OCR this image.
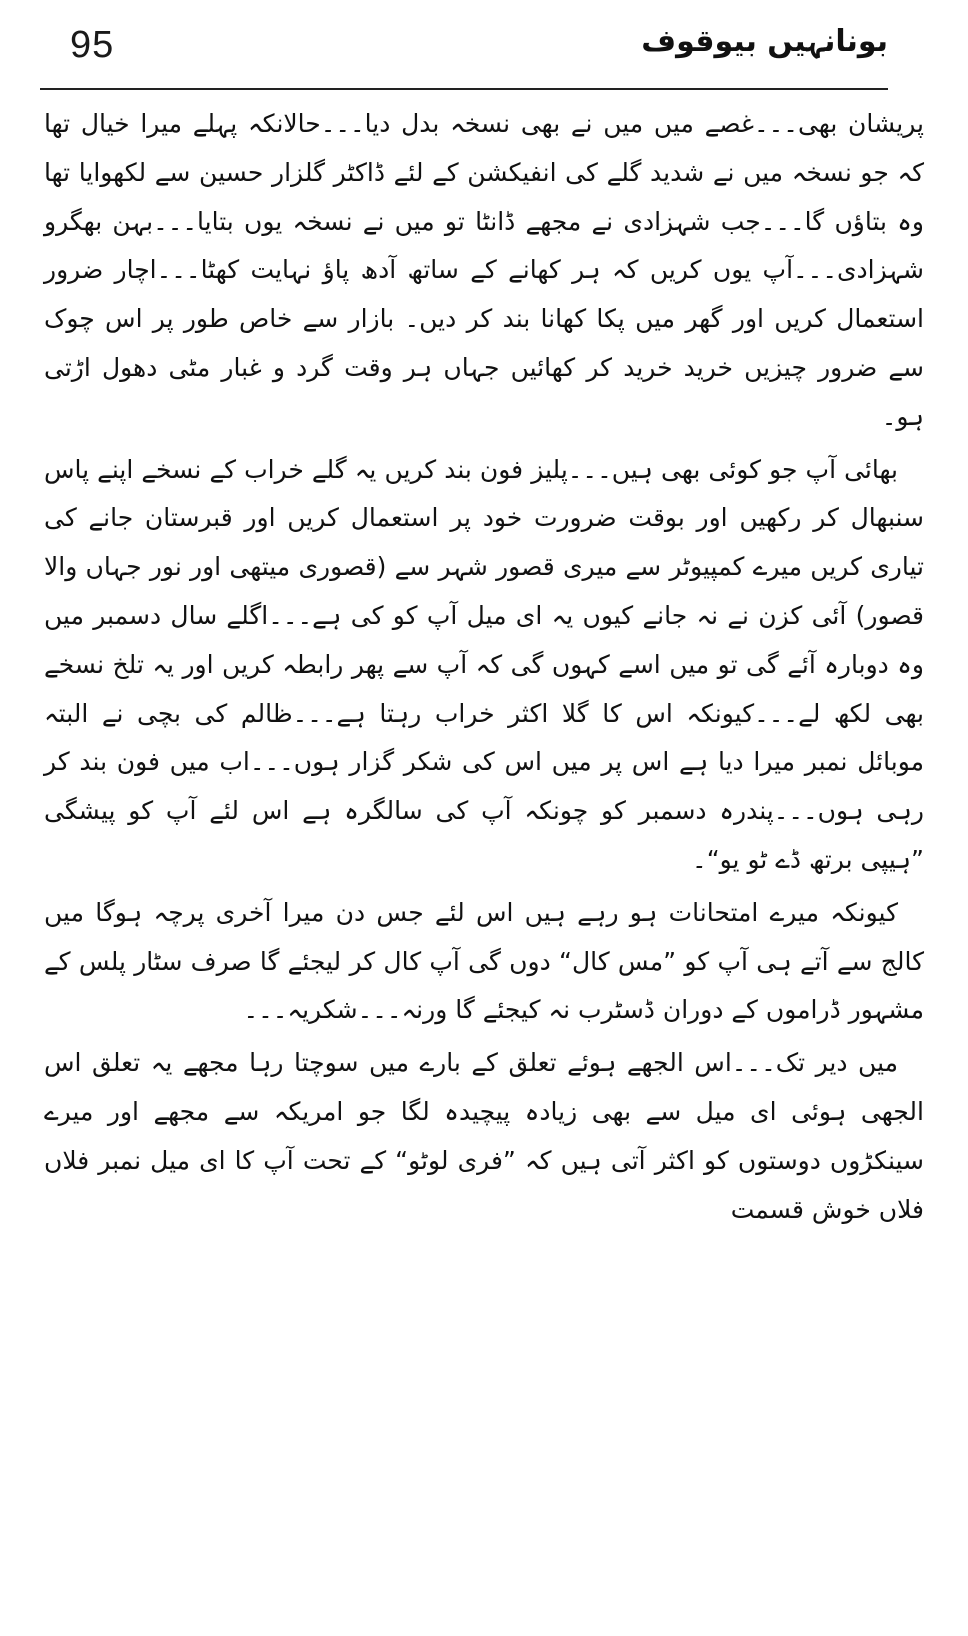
95	بونانہیں بیوقوف

پریشان بھی۔۔۔غصے میں میں نے بھی نسخہ بدل دیا۔۔۔حالانکہ پہلے میرا خیال تھا کہ جو نسخہ میں نے شدید گلے کی انفیکشن کے لئے ڈاکٹر گلزار حسین سے لکھوایا تھا وہ بتاؤں گا۔۔۔جب شہزادی نے مجھے ڈانٹا تو میں نے نسخہ یوں بتایا۔۔۔بہن بھگرو شہزادی۔۔۔آپ یوں کریں کہ ہر کھانے کے ساتھ آدھ پاؤ نہایت کھٹا۔۔۔اچار ضرور استعمال کریں اور گھر میں پکا کھانا بند کر دیں۔ بازار سے خاص طور پر اس چوک سے ضرور چیزیں خرید خرید کر کھائیں جہاں ہر وقت گرد و غبار مٹی دھول اڑتی ہو۔

بھائی آپ جو کوئی بھی ہیں۔۔۔پلیز فون بند کریں یہ گلے خراب کے نسخے اپنے پاس سنبھال کر رکھیں اور بوقت ضرورت خود پر استعمال کریں اور قبرستان جانے کی تیاری کریں میرے کمپیوٹر سے میری قصور شہر سے (قصوری میتھی اور نور جہاں والا قصور) آئی کزن نے نہ جانے کیوں یہ ای میل آپ کو کی ہے۔۔۔اگلے سال دسمبر میں وہ دوبارہ آئے گی تو میں اسے کہوں گی کہ آپ سے پھر رابطہ کریں اور یہ تلخ نسخے بھی لکھ لے۔۔۔کیونکہ اس کا گلا اکثر خراب رہتا ہے۔۔۔ظالم کی بچی نے البتہ موبائل نمبر میرا دیا ہے اس پر میں اس کی شکر گزار ہوں۔۔۔اب میں فون بند کر رہی ہوں۔۔۔پندرہ دسمبر کو چونکہ آپ کی سالگرہ ہے اس لئے آپ کو پیشگی ”ہیپی برتھ ڈے ٹو یو“۔

کیونکہ میرے امتحانات ہو رہے ہیں اس لئے جس دن میرا آخری پرچہ ہوگا میں کالج سے آتے ہی آپ کو ”مس کال“ دوں گی آپ کال کر لیجئے گا صرف سٹار پلس کے مشہور ڈراموں کے دوران ڈسٹرب نہ کیجئے گا ورنہ۔۔۔شکریہ۔۔۔

میں دیر تک۔۔۔اس الجھے ہوئے تعلق کے بارے میں سوچتا رہا مجھے یہ تعلق اس الجھی ہوئی ای میل سے بھی زیادہ پیچیدہ لگا جو امریکہ سے مجھے اور میرے سینکڑوں دوستوں کو اکثر آتی ہیں کہ ”فری لوٹو“ کے تحت آپ کا ای میل نمبر فلاں فلاں خوش قسمت
